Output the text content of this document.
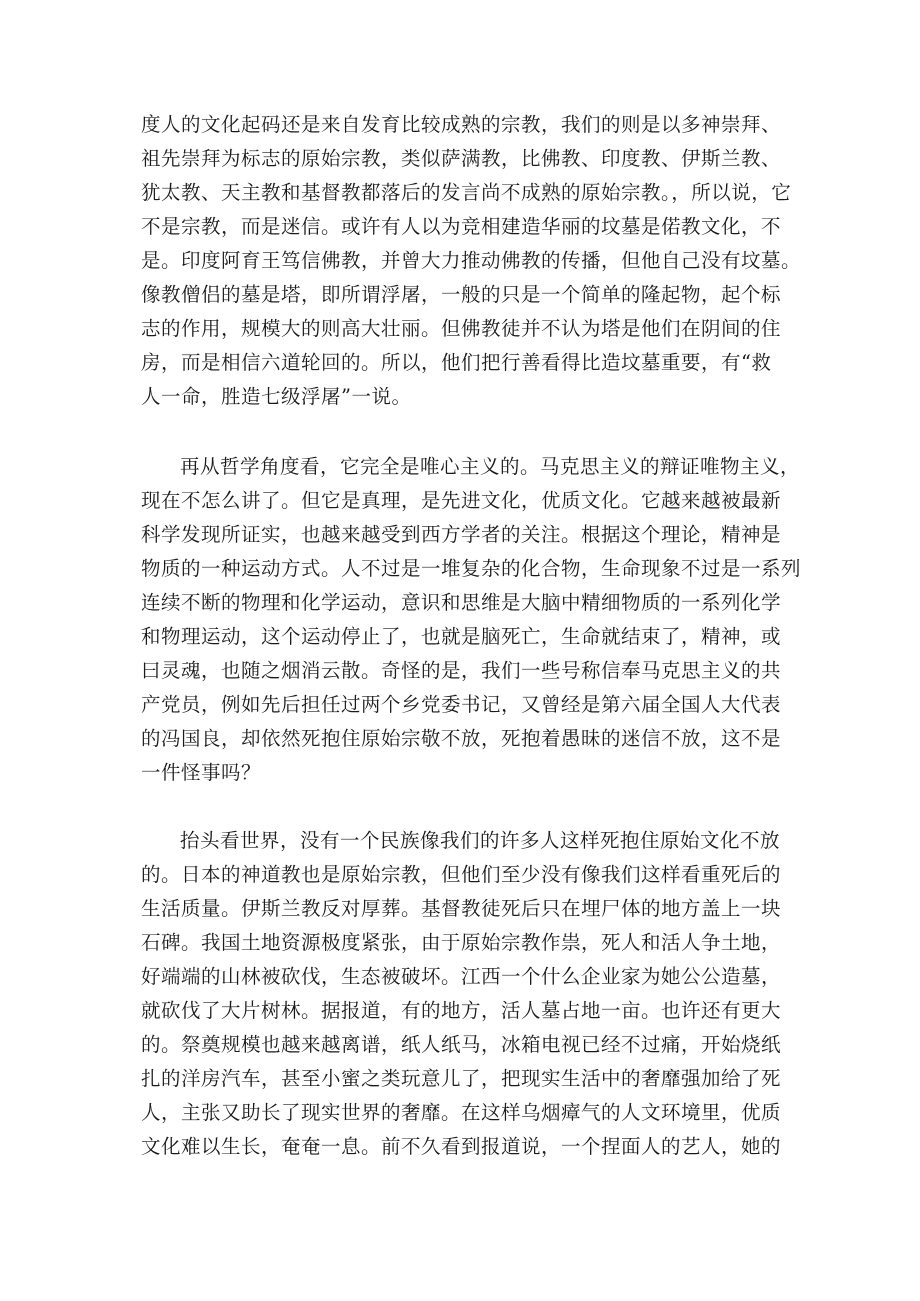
度人的文化起码还是来自发育比较成熟的宗教，我们的则是以多神崇拜、
祖先崇拜为标志的原始宗教，类似萨满教，比佛教、印度教、伊斯兰教、
犹太教、天主教和基督教都落后的发言尚不成熟的原始宗教。，所以说，它
不是宗教，而是迷信。或许有人以为竞相建造华丽的坟墓是偌教文化，不
是。印度阿育王笃信佛教，并曾大力推动佛教的传播，但他自己没有坟墓。
像教僧侣的墓是塔，即所谓浮屠，一般的只是一个简单的隆起物，起个标
志的作用，规模大的则高大壮丽。但佛教徒并不认为塔是他们在阴间的住
房，而是相信六道轮回的。所以，他们把行善看得比造坟墓重要，有“救
人一命，胜造七级浮屠”一说。

再从哲学角度看，它完全是唯心主义的。马克思主义的辩证唯物主义，
现在不怎么讲了。但它是真理，是先进文化，优质文化。它越来越被最新
科学发现所证实，也越来越受到西方学者的关注。根据这个理论，精神是
物质的一种运动方式。人不过是一堆复杂的化合物，生命现象不过是一系列
连续不断的物理和化学运动，意识和思维是大脑中精细物质的一系列化学
和物理运动，这个运动停止了，也就是脑死亡，生命就结束了，精神，或
曰灵魂，也随之烟消云散。奇怪的是，我们一些号称信奉马克思主义的共
产党员，例如先后担任过两个乡党委书记，又曾经是第六届全国人大代表
的冯国良，却依然死抱住原始宗敬不放，死抱着愚昧的迷信不放，这不是
一件怪事吗？

抬头看世界，没有一个民族像我们的许多人这样死抱住原始文化不放
的。日本的神道教也是原始宗教，但他们至少没有像我们这样看重死后的
生活质量。伊斯兰教反对厚葬。基督教徒死后只在埋尸体的地方盖上一块
石碑。我国土地资源极度紧张，由于原始宗教作祟，死人和活人争土地，
好端端的山林被砍伐，生态被破坏。江西一个什么企业家为她公公造墓，
就砍伐了大片树林。据报道，有的地方，活人墓占地一亩。也许还有更大
的。祭奠规模也越来越离谱，纸人纸马，冰箱电视已经不过痛，开始烧纸
扎的洋房汽车，甚至小蜜之类玩意儿了，把现实生活中的奢靡强加给了死
人，主张又助长了现实世界的奢靡。在这样乌烟瘴气的人文环境里，优质
文化难以生长，奄奄一息。前不久看到报道说，一个捏面人的艺人，她的
